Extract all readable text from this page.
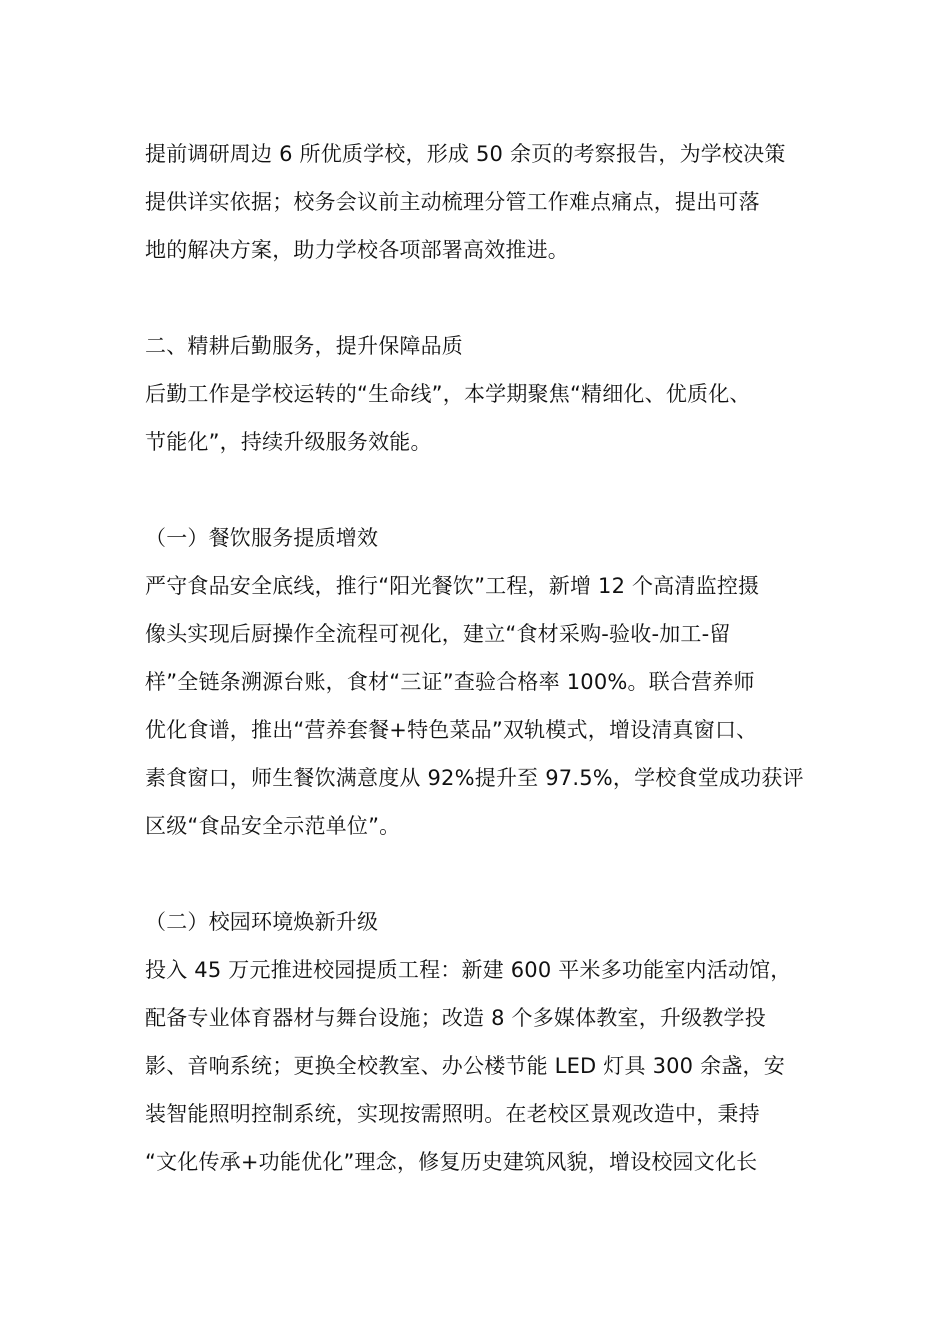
提前调研周边 6 所优质学校，形成 50 余页的考察报告，为学校决策
提供详实依据；校务会议前主动梳理分管工作难点痛点，提出可落
地的解决方案，助力学校各项部署高效推进。
二、精耕后勤服务，提升保障品质
后勤工作是学校运转的“生命线”，本学期聚焦“精细化、优质化、
节能化”，持续升级服务效能。
（一）餐饮服务提质增效
严守食品安全底线，推行“阳光餐饮”工程，新增 12 个高清监控摄
像头实现后厨操作全流程可视化，建立“食材采购-验收-加工-留
样”全链条溯源台账，食材“三证”查验合格率 100%。联合营养师
优化食谱，推出“营养套餐+特色菜品”双轨模式，增设清真窗口、
素食窗口，师生餐饮满意度从 92%提升至 97.5%，学校食堂成功获评
区级“食品安全示范单位”。
（二）校园环境焕新升级
投入 45 万元推进校园提质工程：新建 600 平米多功能室内活动馆，
配备专业体育器材与舞台设施；改造 8 个多媒体教室，升级教学投
影、音响系统；更换全校教室、办公楼节能 LED 灯具 300 余盏，安
装智能照明控制系统，实现按需照明。在老校区景观改造中，秉持
“文化传承+功能优化”理念，修复历史建筑风貌，增设校园文化长
